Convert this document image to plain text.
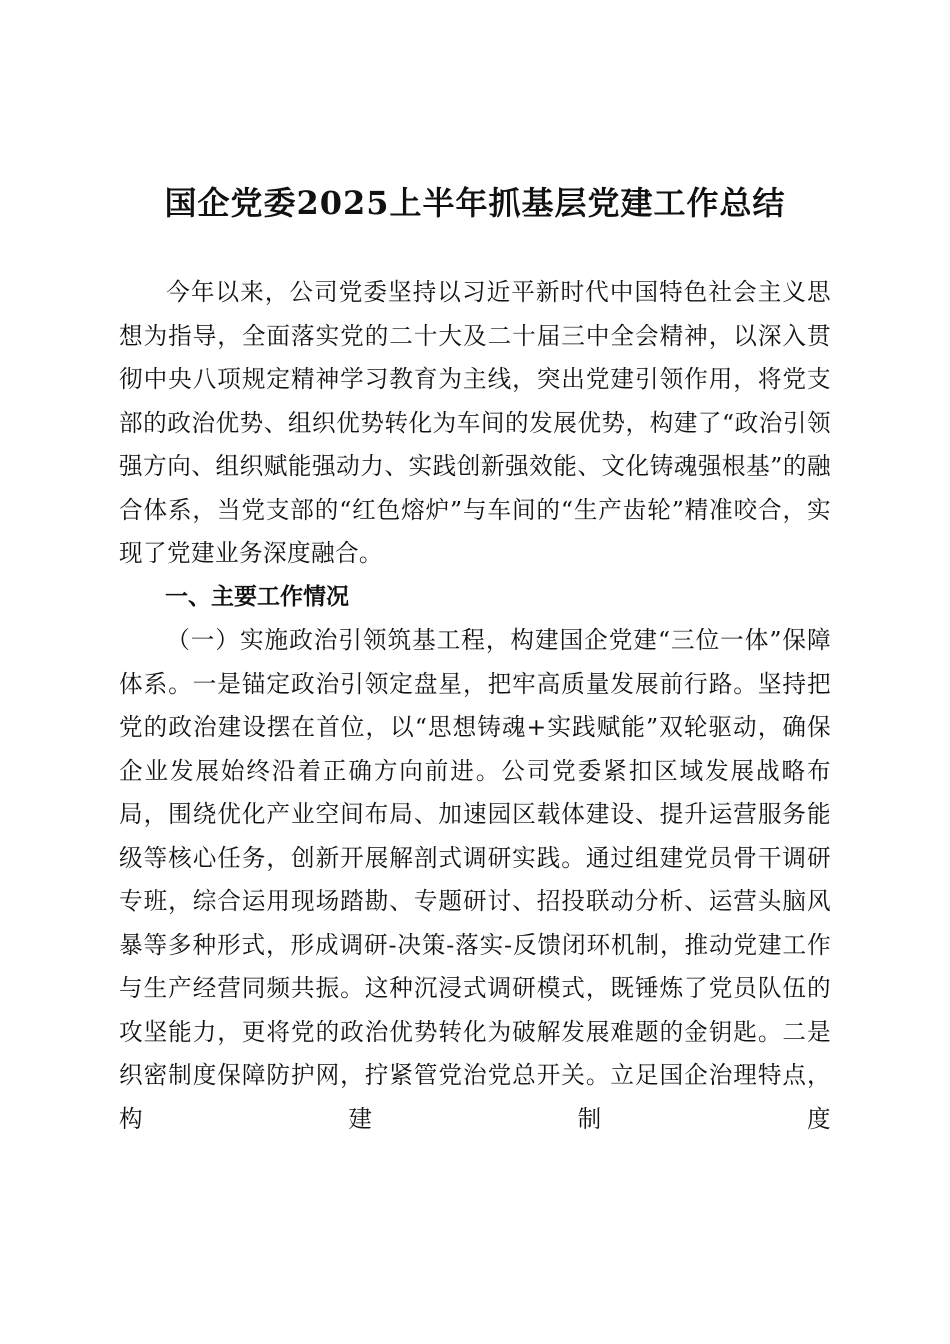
国企党委2025上半年抓基层党建工作总结

今年以来，公司党委坚持以习近平新时代中国特色社会主义思想为指导，全面落实党的二十大及二十届三中全会精神，以深入贯彻中央八项规定精神学习教育为主线，突出党建引领作用，将党支部的政治优势、组织优势转化为车间的发展优势，构建了“政治引领强方向、组织赋能强动力、实践创新强效能、文化铸魂强根基”的融合体系，当党支部的“红色熔炉”与车间的“生产齿轮”精准咬合，实现了党建业务深度融合。

一、主要工作情况

（一）实施政治引领筑基工程，构建国企党建“三位一体”保障体系。一是锚定政治引领定盘星，把牢高质量发展前行路。坚持把党的政治建设摆在首位，以“思想铸魂+实践赋能”双轮驱动，确保企业发展始终沿着正确方向前进。公司党委紧扣区域发展战略布局，围绕优化产业空间布局、加速园区载体建设、提升运营服务能级等核心任务，创新开展解剖式调研实践。通过组建党员骨干调研专班，综合运用现场踏勘、专题研讨、招投联动分析、运营头脑风暴等多种形式，形成调研-决策-落实-反馈闭环机制，推动党建工作与生产经营同频共振。这种沉浸式调研模式，既锤炼了党员队伍的攻坚能力，更将党的政治优势转化为破解发展难题的金钥匙。二是织密制度保障防护网，拧紧管党治党总开关。立足国企治理特点，构建制度
